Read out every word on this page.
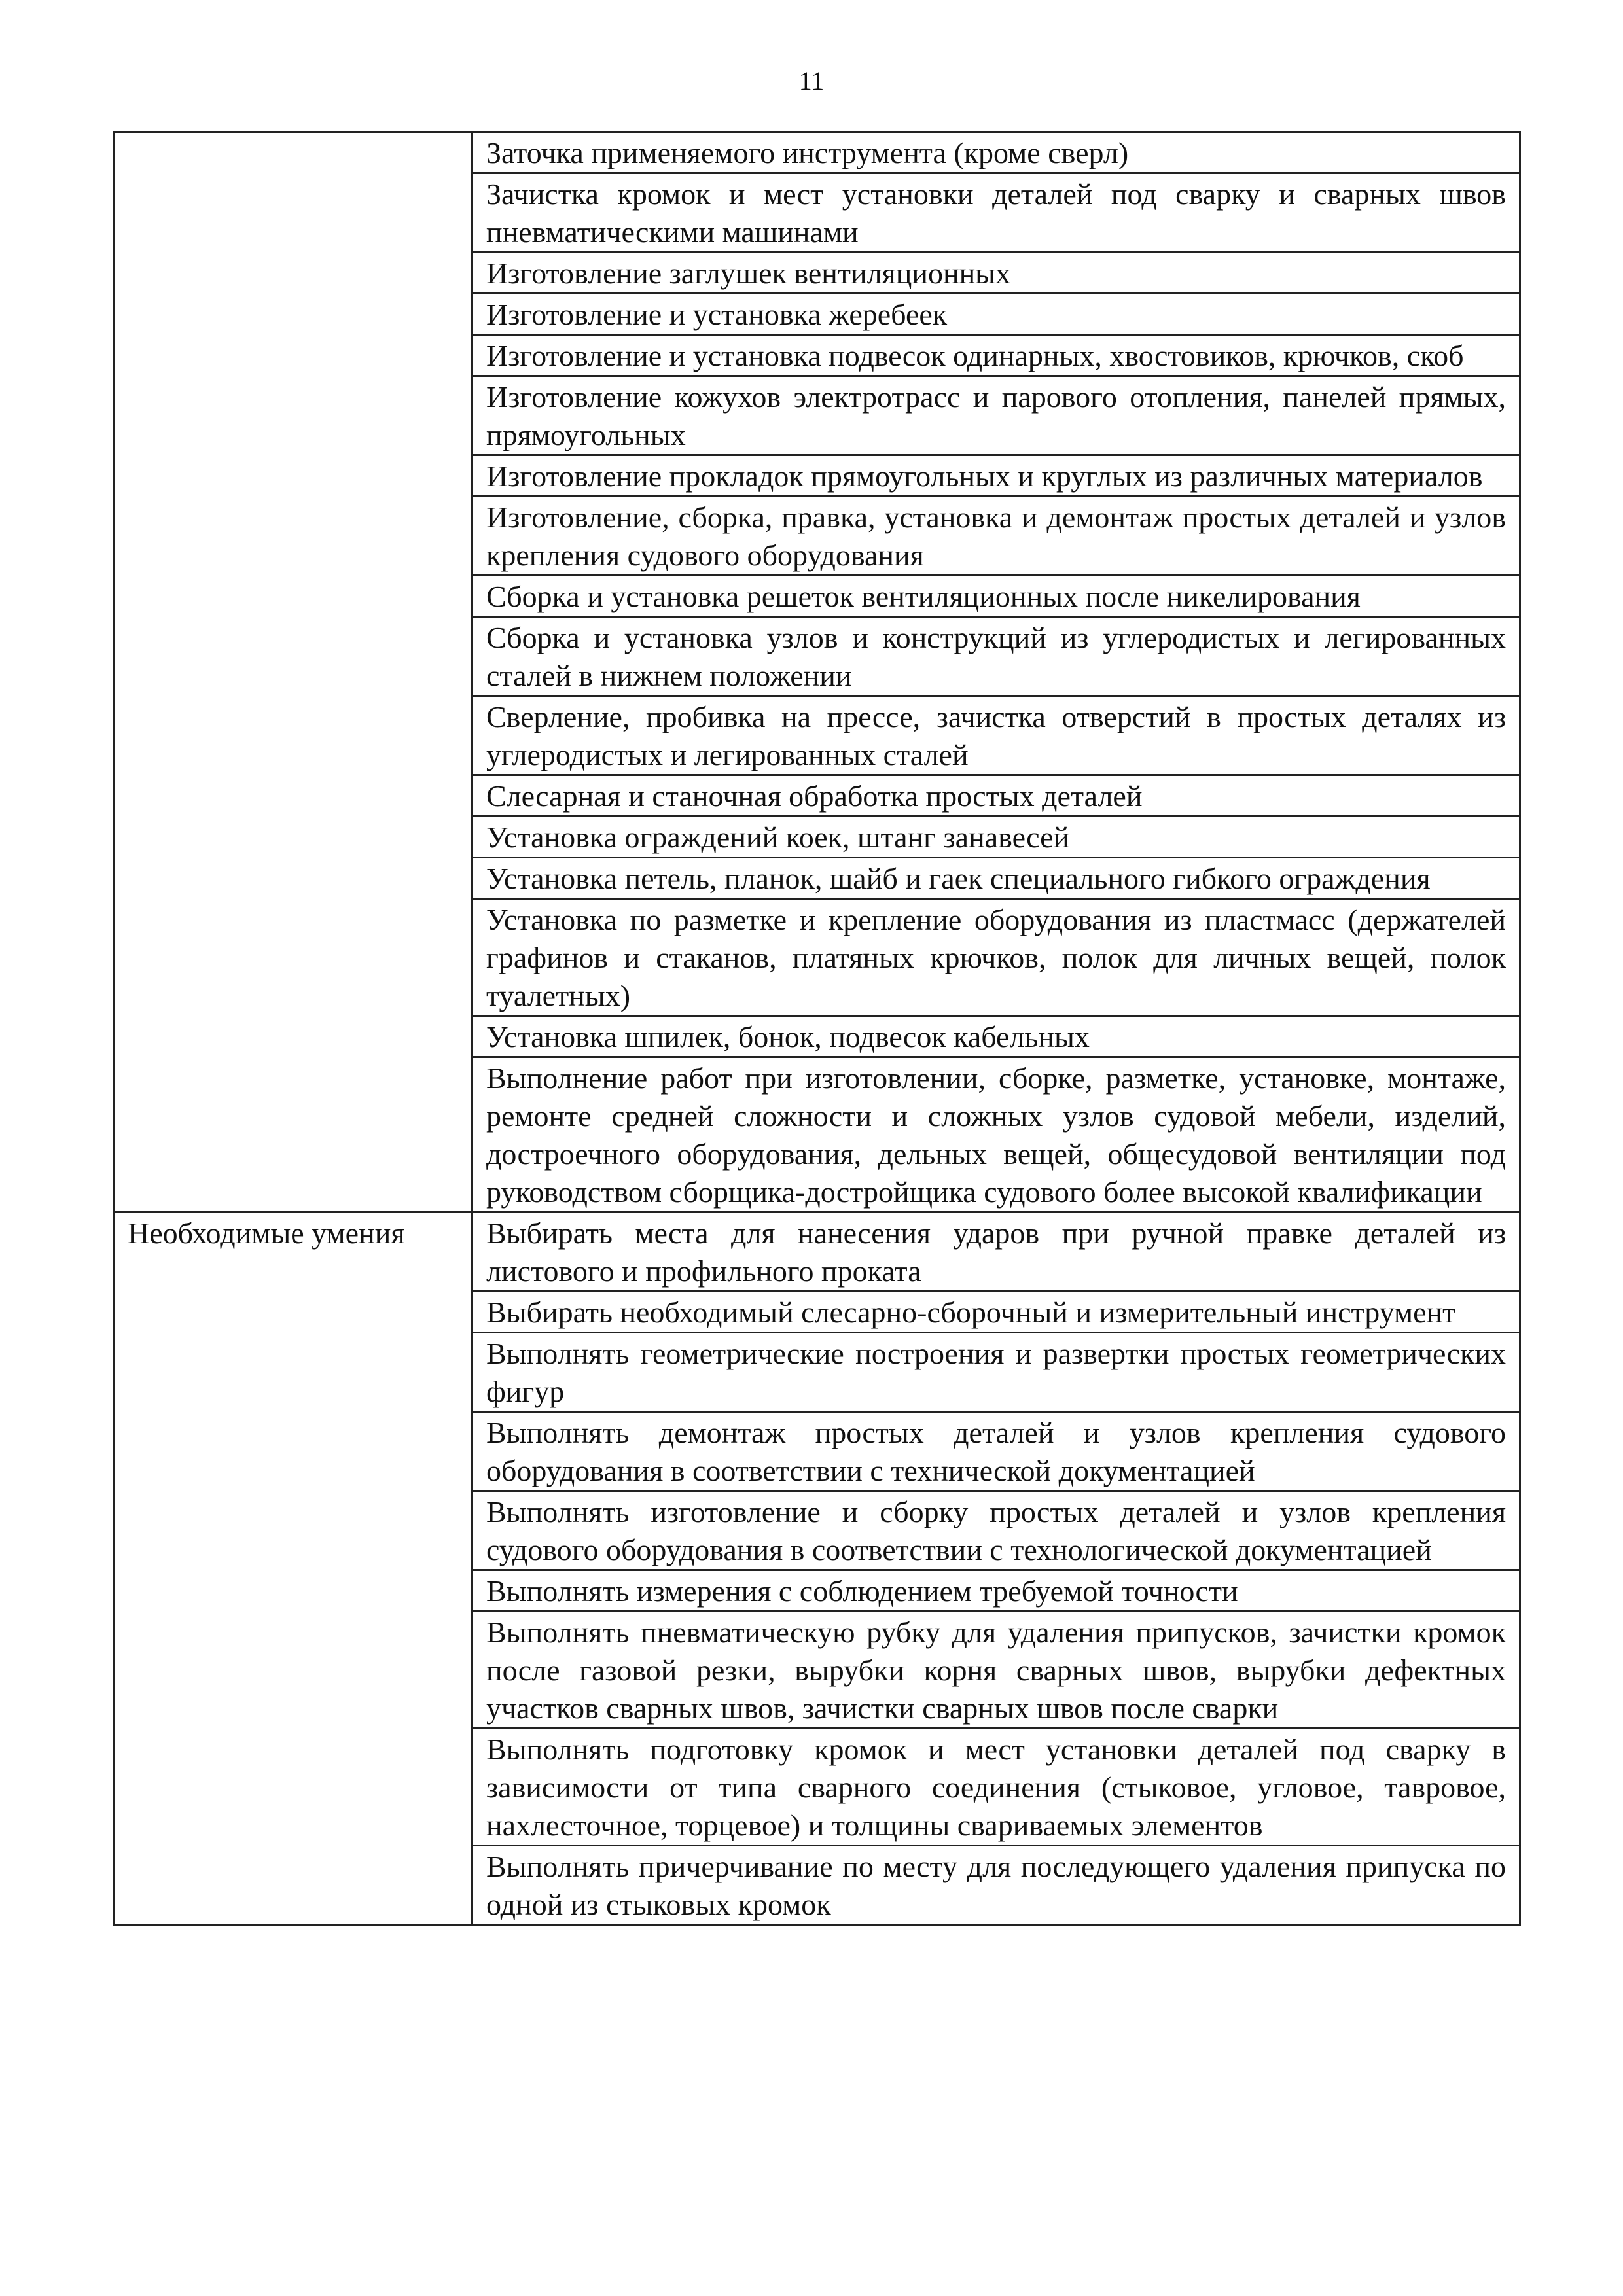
11

	Заточка применяемого инструмента (кроме сверл)

	Зачистка кромок и мест установки деталей под сварку и сварных швов пневматическими машинами

	Изготовление заглушек вентиляционных

	Изготовление и установка жеребеек

	Изготовление и установка подвесок одинарных, хвостовиков, крючков, скоб

	Изготовление кожухов электротрасс и парового отопления, панелей прямых, прямоугольных

	Изготовление прокладок прямоугольных и круглых из различных материалов

	Изготовление, сборка, правка, установка и демонтаж простых деталей и узлов крепления судового оборудования

	Сборка и установка решеток вентиляционных после никелирования

	Сборка и установка узлов и конструкций из углеродистых и легированных сталей в нижнем положении

	Сверление, пробивка на прессе, зачистка отверстий в простых деталях из углеродистых и легированных сталей

	Слесарная и станочная обработка простых деталей

	Установка ограждений коек, штанг занавесей

	Установка петель, планок, шайб и гаек специального гибкого ограждения

	Установка по разметке и крепление оборудования из пластмасс (держателей графинов и стаканов, платяных крючков, полок для личных вещей, полок туалетных)

	Установка шпилек, бонок, подвесок кабельных

	Выполнение работ при изготовлении, сборке, разметке, установке, монтаже, ремонте средней сложности и сложных узлов судовой мебели, изделий, достроечного оборудования, дельных вещей, общесудовой вентиляции под руководством сборщика-достройщика судового более высокой квалификации

Необходимые умения	Выбирать места для нанесения ударов при ручной правке деталей из листового и профильного проката

	Выбирать необходимый слесарно-сборочный и измерительный инструмент

	Выполнять геометрические построения и развертки простых геометрических фигур

	Выполнять демонтаж простых деталей и узлов крепления судового оборудования в соответствии с технической документацией

	Выполнять изготовление и сборку простых деталей и узлов крепления судового оборудования в соответствии с технологической документацией

	Выполнять измерения с соблюдением требуемой точности

	Выполнять пневматическую рубку для удаления припусков, зачистки кромок после газовой резки, вырубки корня сварных швов, вырубки дефектных участков сварных швов, зачистки сварных швов после сварки

	Выполнять подготовку кромок и мест установки деталей под сварку в зависимости от типа сварного соединения (стыковое, угловое, тавровое, нахлесточное, торцевое) и толщины свариваемых элементов

	Выполнять причерчивание по месту для последующего удаления припуска по одной из стыковых кромок
